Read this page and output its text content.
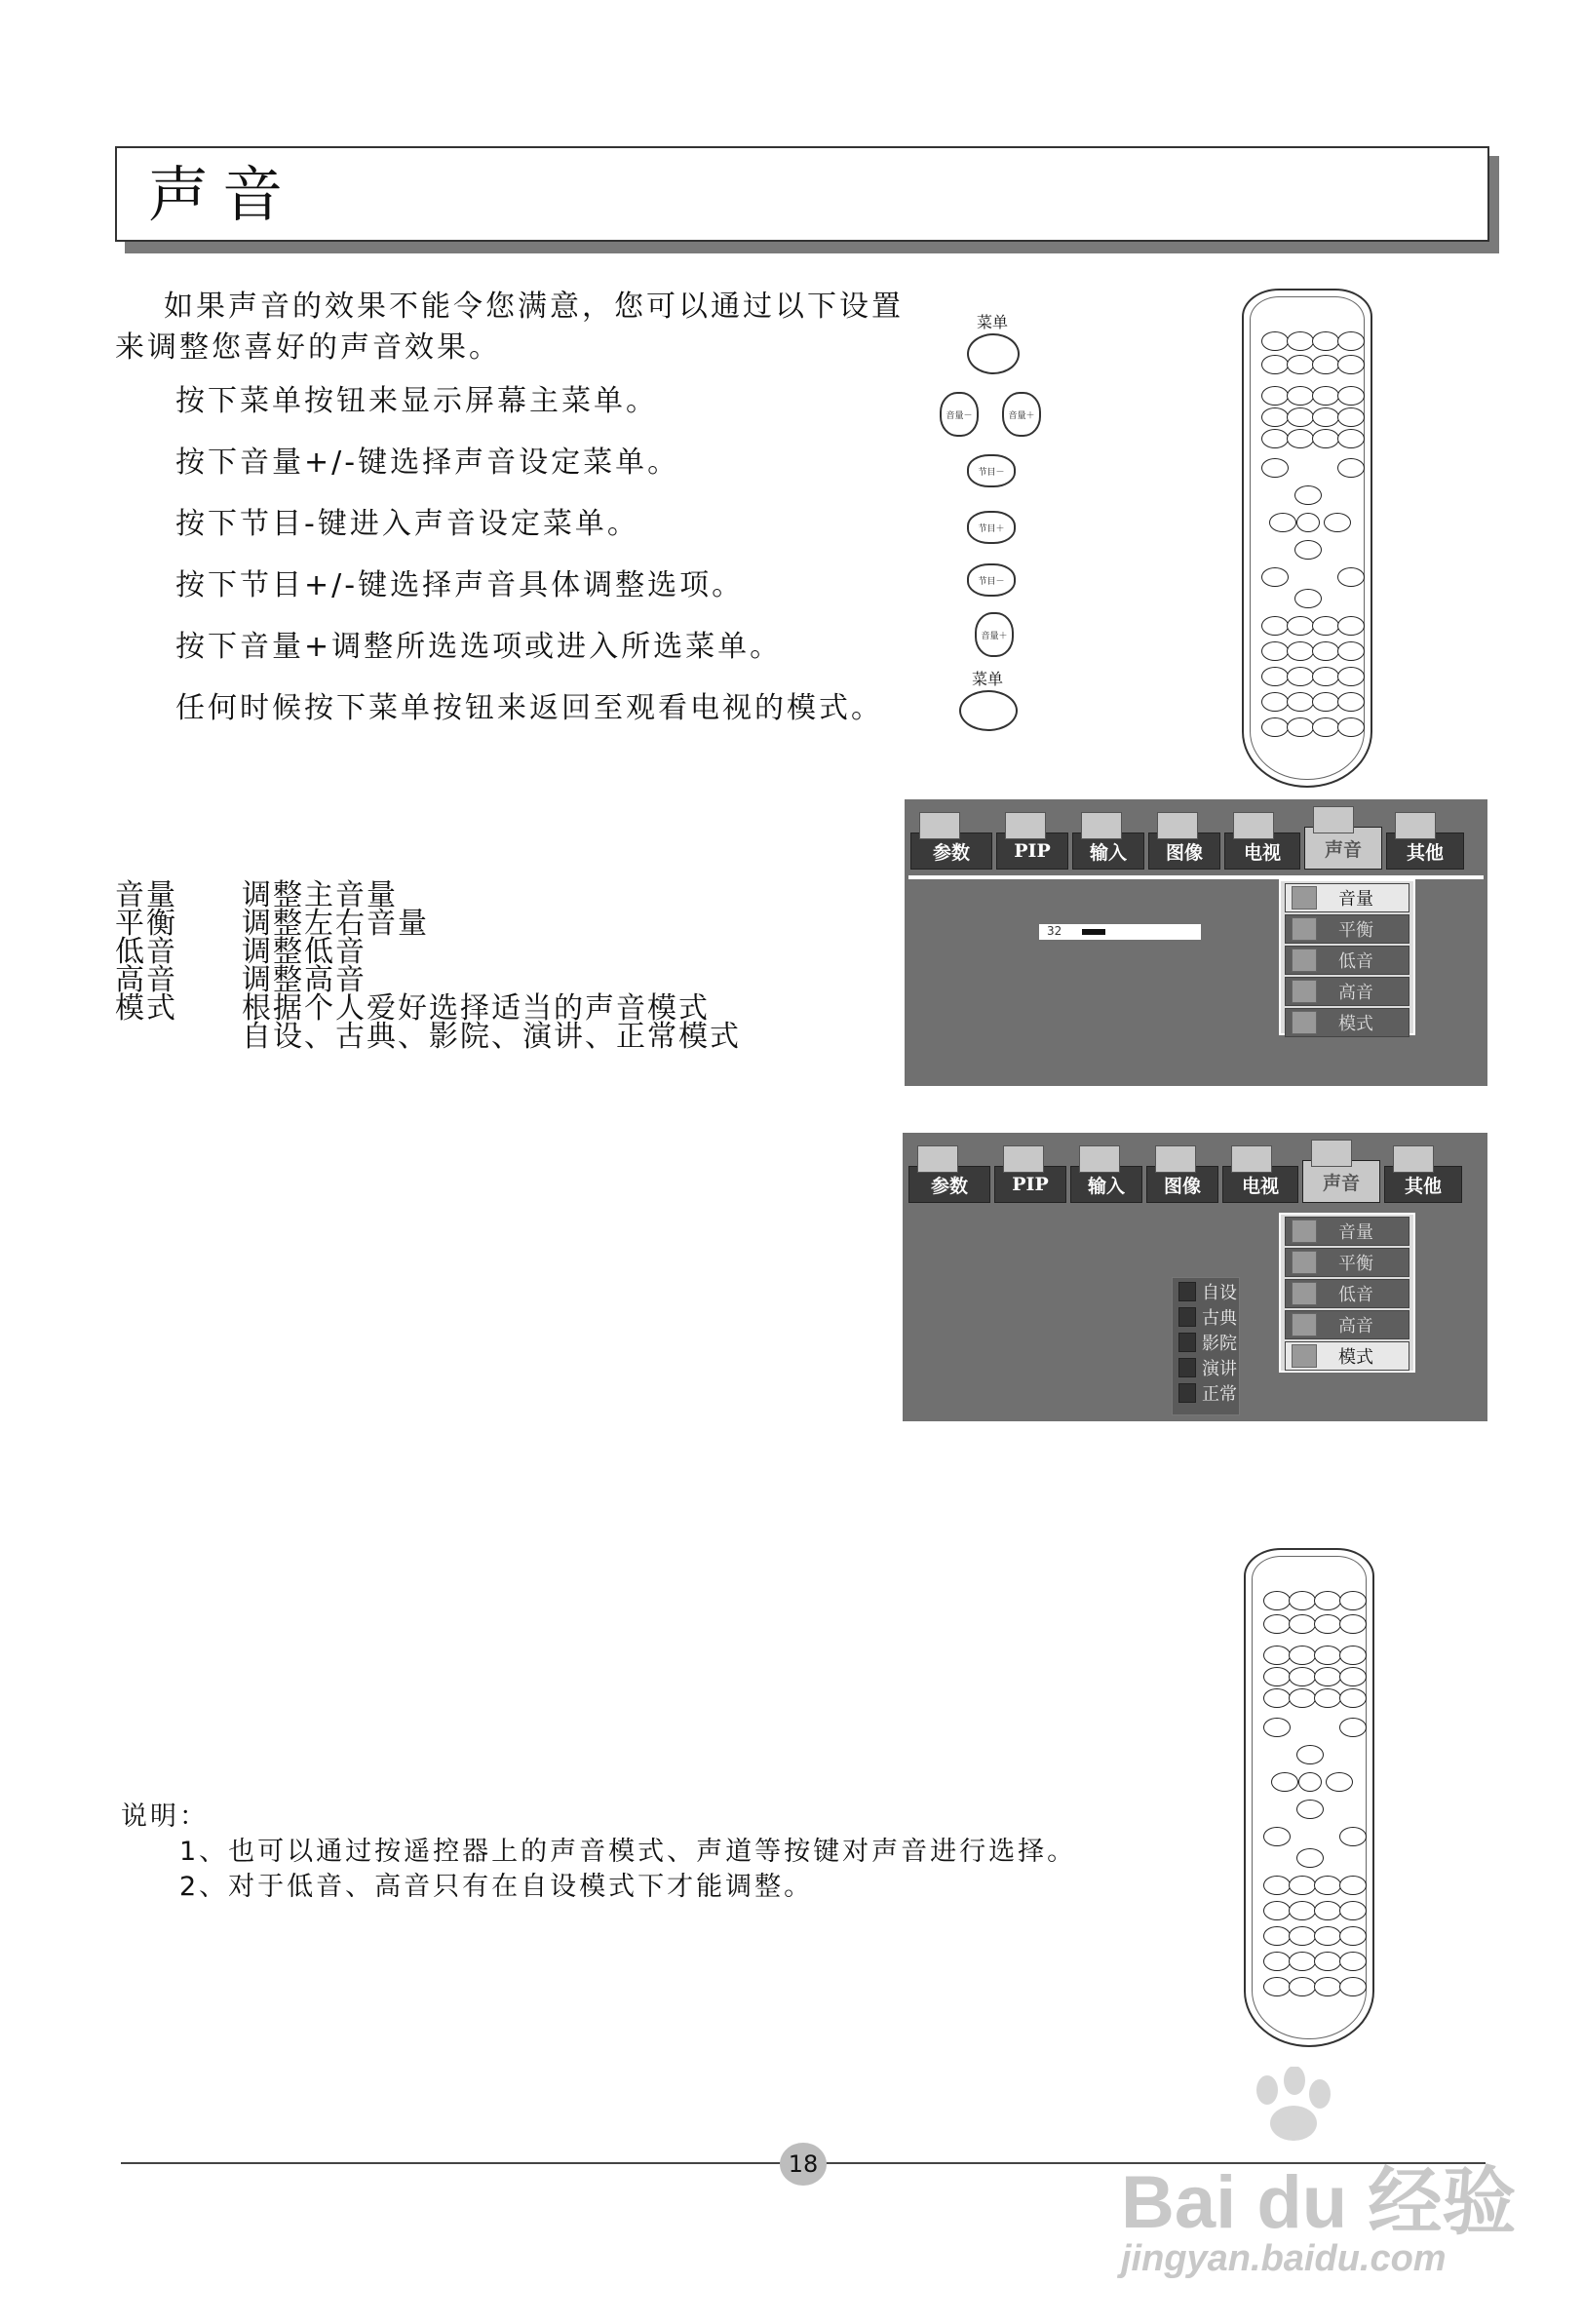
声音
如果声音的效果不能令您满意，您可以通过以下设置
来调整您喜好的声音效果。
按下菜单按钮来显示屏幕主菜单。
按下音量+/-键选择声音设定菜单。
按下节目-键进入声音设定菜单。
按下节目+/-键选择声音具体调整选项。
按下音量+调整所选选项或进入所选菜单。
任何时候按下菜单按钮来返回至观看电视的模式。
菜单
音量－	音量＋
节目－
节目＋
节目－
音量＋
菜单
音量	调整主音量
平衡	调整左右音量
低音	调整低音
高音	调整高音
模式	根据个人爱好选择适当的声音模式
自设、古典、影院、演讲、正常模式
参数 PIP 输入 图像 电视 声音 其他
32
音量
平衡
低音
高音
模式
参数 PIP 输入 图像 电视 声音 其他
音量
平衡
低音
高音
模式
自设
古典
影院
演讲
正常
说明：
1、也可以通过按遥控器上的声音模式、声道等按键对声音进行选择。
2、对于低音、高音只有在自设模式下才能调整。
18	Bai du 经验
jingyan.baidu.com
